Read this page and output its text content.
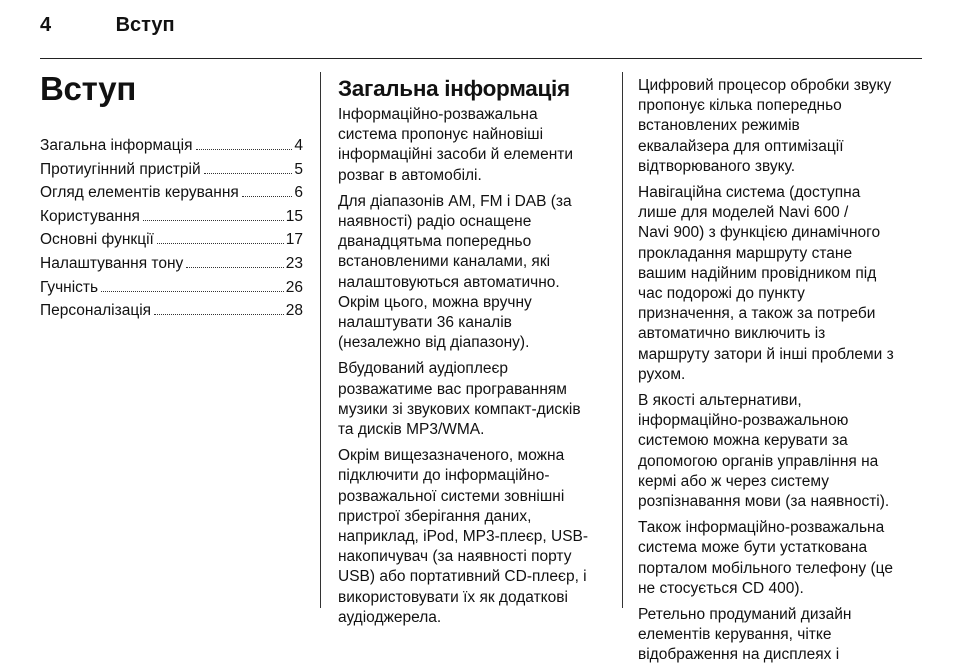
4	Вступ
Вступ
Загальна інформація	4
Протиугінний пристрій	5
Огляд елементів керування	6
Користування	15
Основні функції	17
Налаштування тону	23
Гучність	26
Персоналізація	28
Загальна інформація
Інформаційно-розважальна
система пропонує найновіші
інформаційні засоби й елементи
розваг в автомобілі.
Для діапазонів AM, FM і DAB (за
наявності) радіо оснащене
дванадцятьма попередньо
встановленими каналами, які
налаштовуються автоматично.
Окрім цього, можна вручну
налаштувати 36 каналів
(незалежно від діапазону).
Вбудований аудіоплеєр
розважатиме вас програванням
музики зі звукових компакт-дисків
та дисків MP3/WMA.
Окрім вищезазначеного, можна
підключити до інформаційно-
розважальної системи зовнішні
пристрої зберігання даних,
наприклад, iPod, MP3-плеєр, USB-
накопичувач (за наявності порту
USB) або портативний CD-плеєр, і
використовувати їх як додаткові
аудіоджерела.
Цифровий процесор обробки звуку
пропонує кілька попередньо
встановлених режимів
еквалайзера для оптимізації
відтворюваного звуку.
Навігаційна система (доступна
лише для моделей Navi 600 /
Navi 900) з функцією динамічного
прокладання маршруту стане
вашим надійним провідником під
час подорожі до пункту
призначення, а також за потреби
автоматично виключить із
маршруту затори й інші проблеми з
рухом.
В якості альтернативи,
інформаційно-розважальною
системою можна керувати за
допомогою органів управління на
кермі або ж через систему
розпізнавання мови (за наявності).
Також інформаційно-розважальна
система може бути устаткована
порталом мобільного телефону (це
не стосується CD 400).
Ретельно продуманий дизайн
елементів керування, чітке
відображення на дисплеях і
